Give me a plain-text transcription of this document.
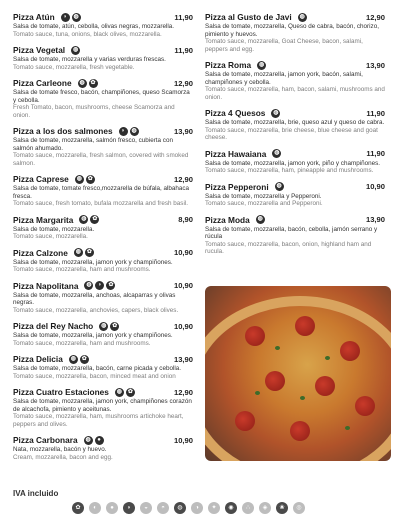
Pizza Atún	◗	◍	11,90
Salsa de tomate, atún, cebolla, olivas negras, mozzarella.
Tomato sauce, tuna, onions, black olives, mozzarella.
Pizza Vegetal	◍	11,90
Salsa de tomate, mozzarella y varias verduras frescas.
Tomato sauce, mozzarella, fresh vegetable.
Pizza Carleone	◍ ✿	12,90
Salsa de tomate fresco, bacón, champiñones, queso Scamorza y cebolla.
Fresh Tomato, bacon, mushrooms, cheese Scamorza and onion.
Pizza a los dos salmones	◗	◍	13,90
Salsa de tomate, mozzarella, salmón fresco, cubierta con salmón ahumado.
Tomato sauce, mozzarella, fresh salmon, covered with smoked salmon.
Pizza Caprese	◍ ✿	12,90
Salsa de tomate, tomate fresco,mozzarella de búfala, albahaca fresca.
Tomato sauce, fresh tomato, bufala mozzarella and fresh basil.
Pizza Margarita	◍ ✿	8,90
Salsa de tomate, mozzarella.
Tomato sauce, mozzarella.
Pizza Calzone	◍ ✿	10,90
Salsa de tomate, mozzarella, jamon york y champiñones.
Tomato sauce, mozzarella, ham and mushrooms.
Pizza Napolitana	◍	◗	✿	10,90
Salsa de tomate, mozzarella, anchoas, alcaparras y olivas negras.
Tomato sauce, mozzarella, anchovies, capers, black olives.
Pizza del Rey Nacho	◍ ✿	10,90
Salsa de tomate, mozzarella, jamon york y champiñones.
Tomato sauce, mozzarella, ham and mushrooms.
Pizza Delicia	◍ ✿	13,90
Salsa de tomate, mozzarella, bacón, carne picada y cebolla.
Tomato sauce, mozzarella, bacon, minced meat and onion
Pizza Cuatro Estaciones	◍ ✿	12,90
Salsa de tomate, mozzarella, jamon york, champiñones corazón de alcachofa, pimiento y aceitunas.
Tomato sauce, mozzarella, ham, mushrooms artichoke heart, peppers and olives.
Pizza Carbonara	◍	●	10,90
Nata, mozzarella, bacón y huevo.
Cream, mozzarella, bacon and egg.
Pizza al Gusto de Javi	◍	12,90
Salsa de tomate, mozzarella, Queso de cabra, bacón, chorizo, pimiento y huevos.
Tomato sauce, mozzarella, Goat Cheese, bacon, salami, peppers and egg.
Pizza Roma	◍	13,90
Salsa de tomate, mozzarella, jamon york, bacón, salami, champiñones y cebolla.
Tomato sauce, mozzarella, ham, bacon, salami, mushrooms and onion.
Pizza 4 Quesos	◍	11,90
Salsa de tomate, mozzarella, brie, queso azul y queso de cabra.
Tomato sauce, mozzarella, brie cheese, blue cheese and goat cheese.
Pizza Hawaiana	◍	11,90
Salsa de tomate, mozzarella, jamon york, piño y champiñones.
Tomato sauce, mozzarella, ham, pineapple and mushrooms.
Pizza Pepperoni	◍	10,90
Salsa de tomate, mozzarella y Pepperoni.
Tomato sauce, mozzarella and Pepperoni.
Pizza Moda	◍	13,90
Salsa de tomate, mozzarella, bacón, cebolla, jamón serrano y rúcula
Tomato sauce, mozzarella, bacon, onion, highland ham and rucula.
IVA incluido
✿	◐	●	◗	◒	◓	◍	◑	✦	◉	∴	◈	❀	◎
